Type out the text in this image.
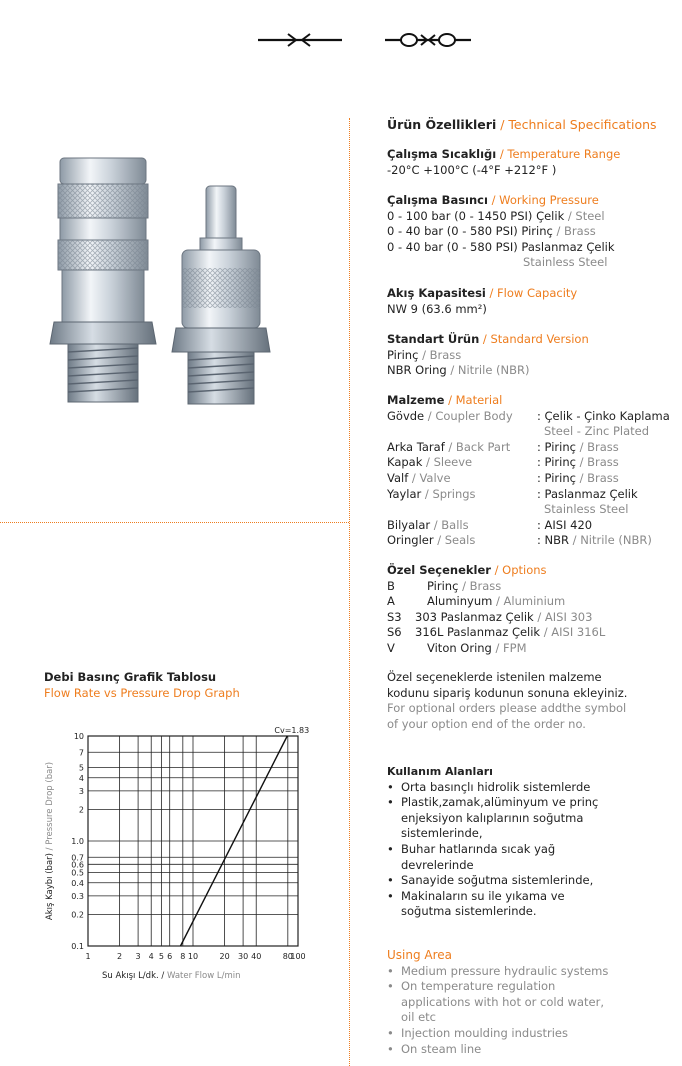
Ürün Özellikleri / Technical Specifications
Çalışma Sıcaklığı / Temperature Range
-20°C +100°C (-4°F +212°F )
Çalışma Basıncı / Working Pressure
0 - 100 bar (0 - 1450 PSI) Çelik / Steel
0 - 40 bar (0 - 580 PSI) Pirinç / Brass
0 - 40 bar (0 - 580 PSI) Paslanmaz Çelik
Stainless Steel
Akış Kapasitesi / Flow Capacity
NW 9 (63.6 mm²)
Standart Ürün / Standard Version
Pirinç / Brass
NBR Oring / Nitrile (NBR)
Malzeme / Material
Gövde / Coupler Body : Çelik - Çinko Kaplama
Steel - Zinc Plated
Arka Taraf / Back Part : Pirinç / Brass
Kapak / Sleeve	: Pirinç / Brass
Valf / Valve	: Pirinç / Brass
Yaylar / Springs	: Paslanmaz Çelik
Stainless Steel
Bilyalar / Balls	: AISI 420
Oringler / Seals	: NBR / Nitrile (NBR)
Özel Seçenekler / Options
B	Pirinç / Brass
A	Aluminyum / Aluminium
S3 303 Paslanmaz Çelik / AISI 303
S6 316L Paslanmaz Çelik / AISI 316L
V	Viton Oring / FPM
Özel seçeneklerde istenilen malzeme
kodunu sipariş kodunun sonuna ekleyiniz.
For optional orders please addthe symbol
of your option end of the order no.
Kullanım Alanları
• Orta basınçlı hidrolik sistemlerde
• Plastik,zamak,alüminyum ve prinç
enjeksiyon kalıplarının soğutma
sistemlerinde,
• Buhar hatlarında sıcak yağ
devrelerinde
• Sanayide soğutma sistemlerinde,
• Makinaların su ile yıkama ve
soğutma sistemlerinde.
Using Area
• Medium pressure hydraulic systems
• On temperature regulation
applications with hot or cold water,
oil etc
• Injection moulding industries
• On steam line
Debi Basınç Grafik Tablosu
Flow Rate vs Pressure Drop Graph
1	2 3 4 5 6 8 10	20 30 40	80
100
0.1
0.2
0.3
0.4
0.5
0.6
0.7
1.0
2
3
4
5
7
10
Cv=1.83
Akış Kaybı (bar) / Pressure Drop (bar)
Su Akışı L/dk. / Water Flow L/min
